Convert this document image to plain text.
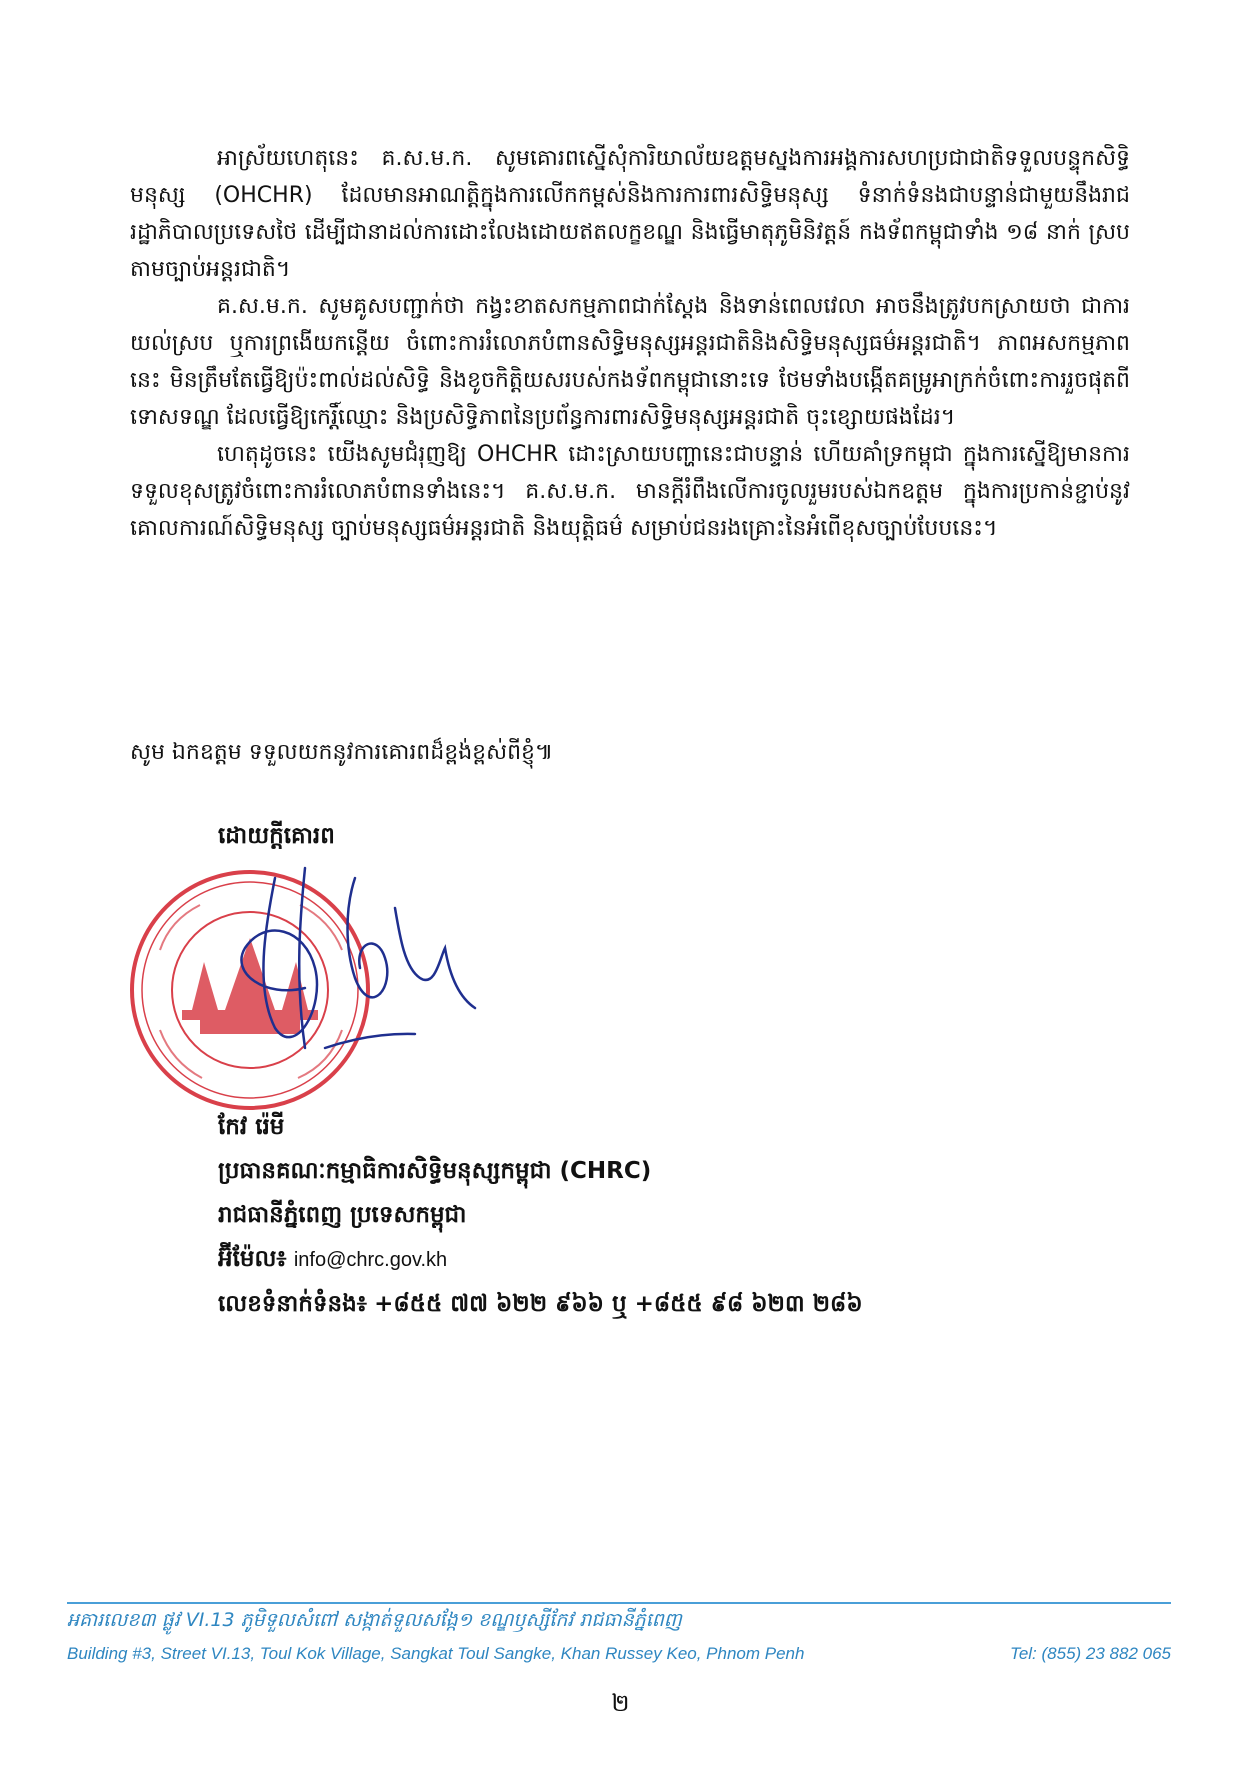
អាស្រ័យហេតុនេះ គ.ស.ម.ក. សូមគោរពស្នើសុំការិយាល័យឧត្តមស្នងការអង្គការសហប្រជាជាតិទទួលបន្ទុកសិទ្ធិមនុស្ស (OHCHR) ដែលមានអាណត្តិក្នុងការលើកកម្ពស់និងការការពារសិទ្ធិមនុស្ស ទំនាក់ទំនងជាបន្ទាន់ជាមួយនឹងរាជរដ្ឋាភិបាលប្រទេសថៃ ដើម្បីជានាដល់ការដោះលែងដោយឥតលក្ខខណ្ឌ និងធ្វើមាតុភូមិនិវត្តន៍ កងទ័ពកម្ពុជាទាំង ១៨ នាក់ ស្របតាមច្បាប់អន្តរជាតិ។

គ.ស.ម.ក. សូមគូសបញ្ជាក់ថា កង្វះខាតសកម្មភាពជាក់ស្តែង និងទាន់ពេលវេលា អាចនឹងត្រូវបកស្រាយថា ជាការយល់ស្រប ឬការព្រងើយកន្តើយ ចំពោះការរំលោភបំពានសិទ្ធិមនុស្សអន្តរជាតិនិងសិទ្ធិមនុស្សធម៌អន្តរជាតិ។ ភាពអសកម្មភាពនេះ មិនត្រឹមតែធ្វើឱ្យប៉ះពាល់ដល់សិទ្ធិ និងខូចកិត្តិយសរបស់កងទ័ពកម្ពុជានោះទេ ថែមទាំងបង្កើតគម្រូអាក្រក់ចំពោះការរួចផុតពីទោសទណ្ឌ ដែលធ្វើឱ្យកេរ្តិ៍ឈ្មោះ និងប្រសិទ្ធិភាពនៃប្រព័ន្ធការពារសិទ្ធិមនុស្សអន្តរជាតិ ចុះខ្សោយផងដែរ។

ហេតុដូចនេះ យើងសូមជំរុញឱ្យ OHCHR ដោះស្រាយបញ្ហានេះជាបន្ទាន់ ហើយគាំទ្រកម្ពុជា ក្នុងការស្នើឱ្យមានការទទួលខុសត្រូវចំពោះការរំលោភបំពានទាំងនេះ។ គ.ស.ម.ក. មានក្តីរំពឹងលើការចូលរួមរបស់ឯកឧត្តម ក្នុងការប្រកាន់ខ្ជាប់នូវគោលការណ៍សិទ្ធិមនុស្ស ច្បាប់មនុស្សធម៌អន្តរជាតិ និងយុត្តិធម៌ សម្រាប់ជនរងគ្រោះនៃអំពើខុសច្បាប់បែបនេះ។

សូម ឯកឧត្តម ទទួលយកនូវការគោរពដ៏ខ្ពង់ខ្ពស់ពីខ្ញុំ៕
ដោយក្តីគោរព
កែវ រ៉េមី
ប្រធានគណៈកម្មាធិការសិទ្ធិមនុស្សកម្ពុជា (CHRC)
រាជធានីភ្នំពេញ ប្រទេសកម្ពុជា
អ៊ីម៉ែល៖ info@chrc.gov.kh
លេខទំនាក់ទំនង៖ +៨៥៥ ៧៧ ៦២២ ៩៦៦ ឬ +៨៥៥ ៩៨ ៦២៣ ២៨៦
អគារលេខ៣ ផ្លូវ VI.13 ភូមិទួលសំពៅ សង្កាត់ទួលសង្កែ១ ខណ្ឌឫស្សីកែវ រាជធានីភ្នំពេញ
Building #3, Street VI.13, Toul Kok Village, Sangkat Toul Sangke, Khan Russey Keo, Phnom Penh	Tel: (855) 23 882 065
២
